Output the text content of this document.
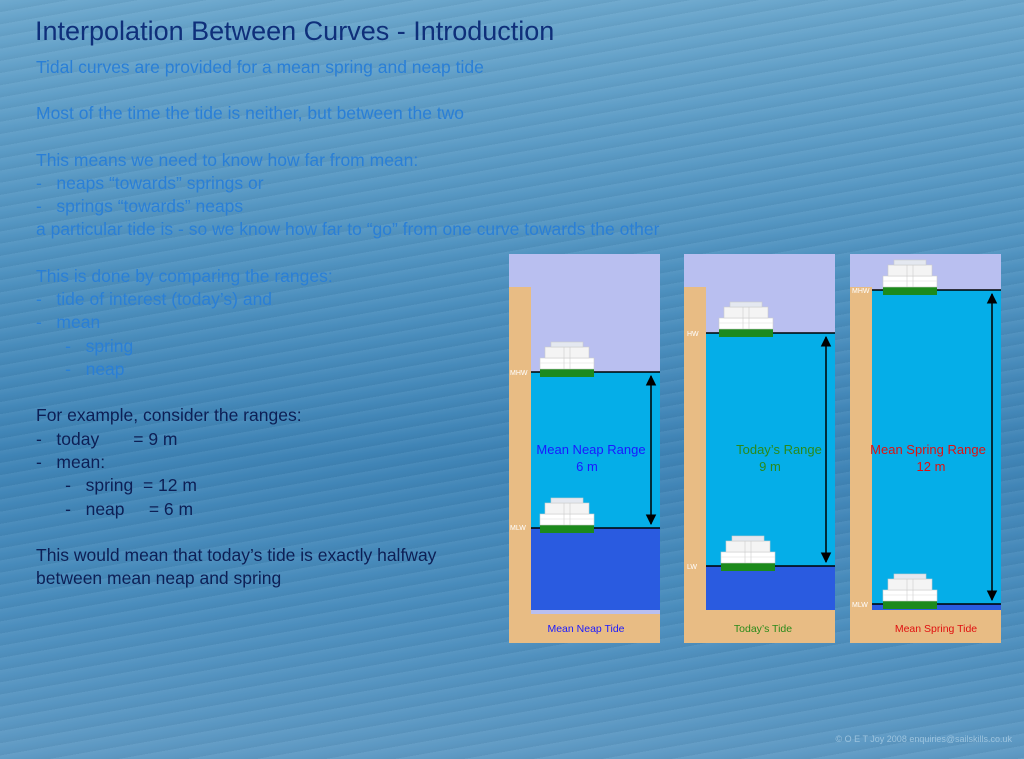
Interpolation Between Curves - Introduction

Tidal curves are provided for a mean spring and neap tide

Most of the time the tide is neither, but between the two

This means we need to know how far from mean:

-   neaps “towards” springs or

-   springs “towards” neaps

a particular tide is - so we know how far to “go” from one curve towards the other

This is done by comparing the ranges:

-   tide of interest (today’s) and

-   mean

-   spring

-   neap

For example, consider the ranges:

-   today       = 9 m

-   mean:

-   spring  = 12 m

-   neap     = 6 m

This would mean that today’s tide is exactly halfway

between mean neap and spring

MHW
MLW
Mean Neap Range
6 m
Mean Neap Tide
HW
LW
Today’s Range
9 m
Today’s Tide
MHW
MLW
Mean Spring Range
12 m
Mean Spring Tide
© O E T Joy 2008 enquiries@sailskills.co.uk
